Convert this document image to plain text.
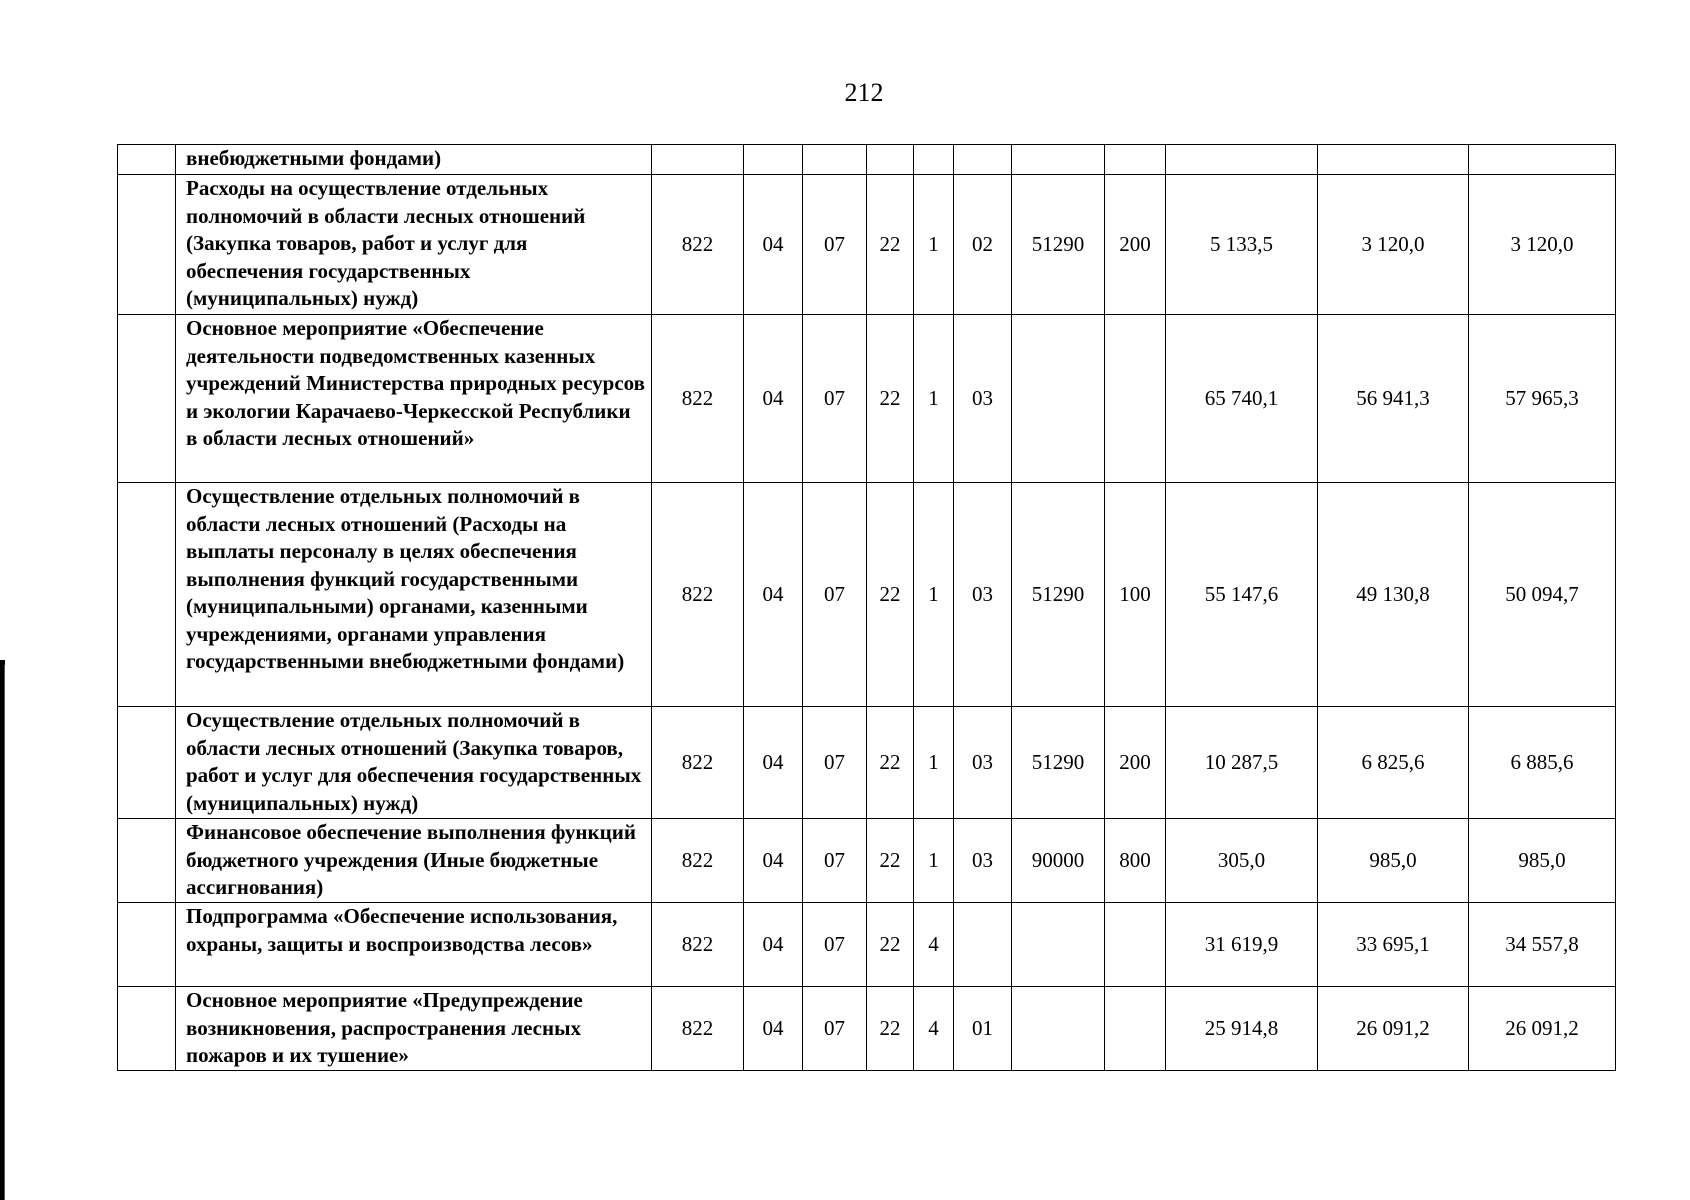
212
	внебюджетными фондами)											
	Расходы на осуществление отдельных полномочий в области лесных отношений (Закупка товаров, работ и услуг для обеспечения государственных (муниципальных) нужд)	822	04	07	22	1	02	51290	200	5 133,5	3 120,0	3 120,0
	Основное мероприятие «Обеспечение деятельности подведомственных казенных учреждений Министерства природных ресурсов и экологии Карачаево-Черкесской Республики в области лесных отношений»	822	04	07	22	1	03			65 740,1	56 941,3	57 965,3
	Осуществление отдельных полномочий в области лесных отношений (Расходы на выплаты персоналу в целях обеспечения выполнения функций государственными (муниципальными) органами, казенными учреждениями, органами управления государственными внебюджетными фондами)	822	04	07	22	1	03	51290	100	55 147,6	49 130,8	50 094,7
	Осуществление отдельных полномочий в области лесных отношений (Закупка товаров, работ и услуг для обеспечения государственных (муниципальных) нужд)	822	04	07	22	1	03	51290	200	10 287,5	6 825,6	6 885,6
	Финансовое обеспечение выполнения функций бюджетного учреждения (Иные бюджетные ассигнования)	822	04	07	22	1	03	90000	800	305,0	985,0	985,0
	Подпрограмма «Обеспечение использования, охраны, защиты и воспроизводства лесов»	822	04	07	22	4				31 619,9	33 695,1	34 557,8
	Основное мероприятие «Предупреждение возникновения, распространения лесных пожаров и их тушение»	822	04	07	22	4	01			25 914,8	26 091,2	26 091,2
